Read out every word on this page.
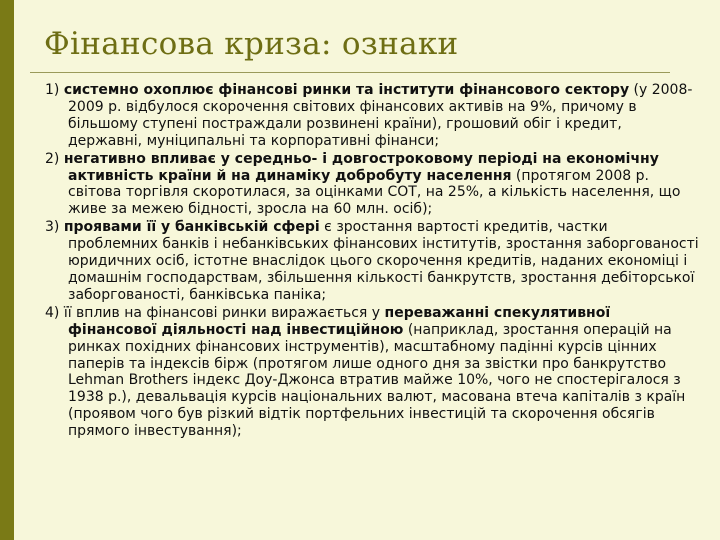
Фінансова криза: ознаки

1) системно охоплює фінансові ринки та інститути фінансового сектору (у 2008-2009 р. відбулося скорочення світових фінансових активів на 9%, причому в більшому ступені постраждали розвинені країни), грошовий обіг і кредит, державні, муніципальні та корпоративні фінанси;

2) негативно впливає у середньо- і довгостроковому періоді на економічну активність країни й на динаміку добробуту населення (протягом 2008 р. світова торгівля скоротилася, за оцінками СОТ, на 25%, а кількість населення, що живе за межею бідності, зросла на 60 млн. осіб);

3) проявами її у банківській сфері є зростання вартості кредитів, частки проблемних банків і небанківських фінансових інститутів, зростання заборгованості юридичних осіб, істотне внаслідок цього скорочення кредитів, наданих економіці і домашнім господарствам, збільшення кількості банкрутств, зростання дебіторської заборгованості, банківська паніка;

4) її вплив на фінансові ринки виражається у переважанні спекулятивної фінансової діяльності над інвестиційною (наприклад, зростання операцій на ринках похідних фінансових інструментів), масштабному падінні курсів цінних паперів та індексів бірж (протягом лише одного дня за звістки про банкрутство Lehman Brothers індекс Доу-Джонса втратив майже 10%, чого не спостерігалося з 1938 р.), девальвація курсів національних валют, масована втеча капіталів з країн (проявом чого був різкий відтік портфельних інвестицій та скорочення обсягів прямого інвестування);
